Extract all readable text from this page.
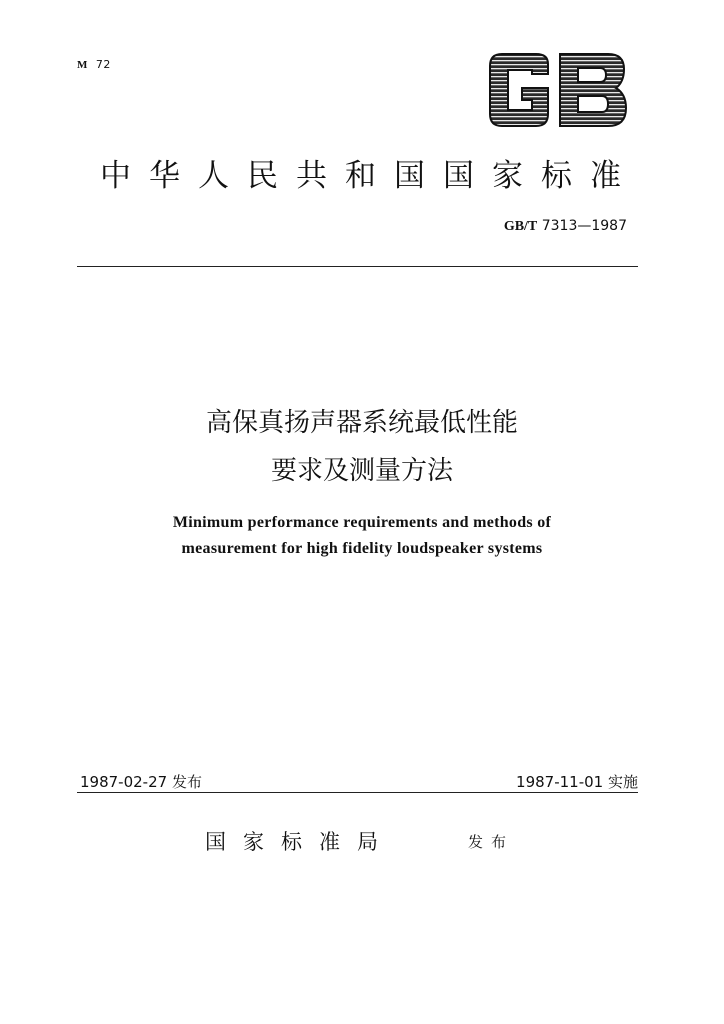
M 72
中华人民共和国国家标准
GB/T 7313—1987
高保真扬声器系统最低性能
要求及测量方法
Minimum performance requirements and methods of
measurement for high fidelity loudspeaker systems
1987-02-27 发布	1987-11-01 实施
国家标准局	发布
